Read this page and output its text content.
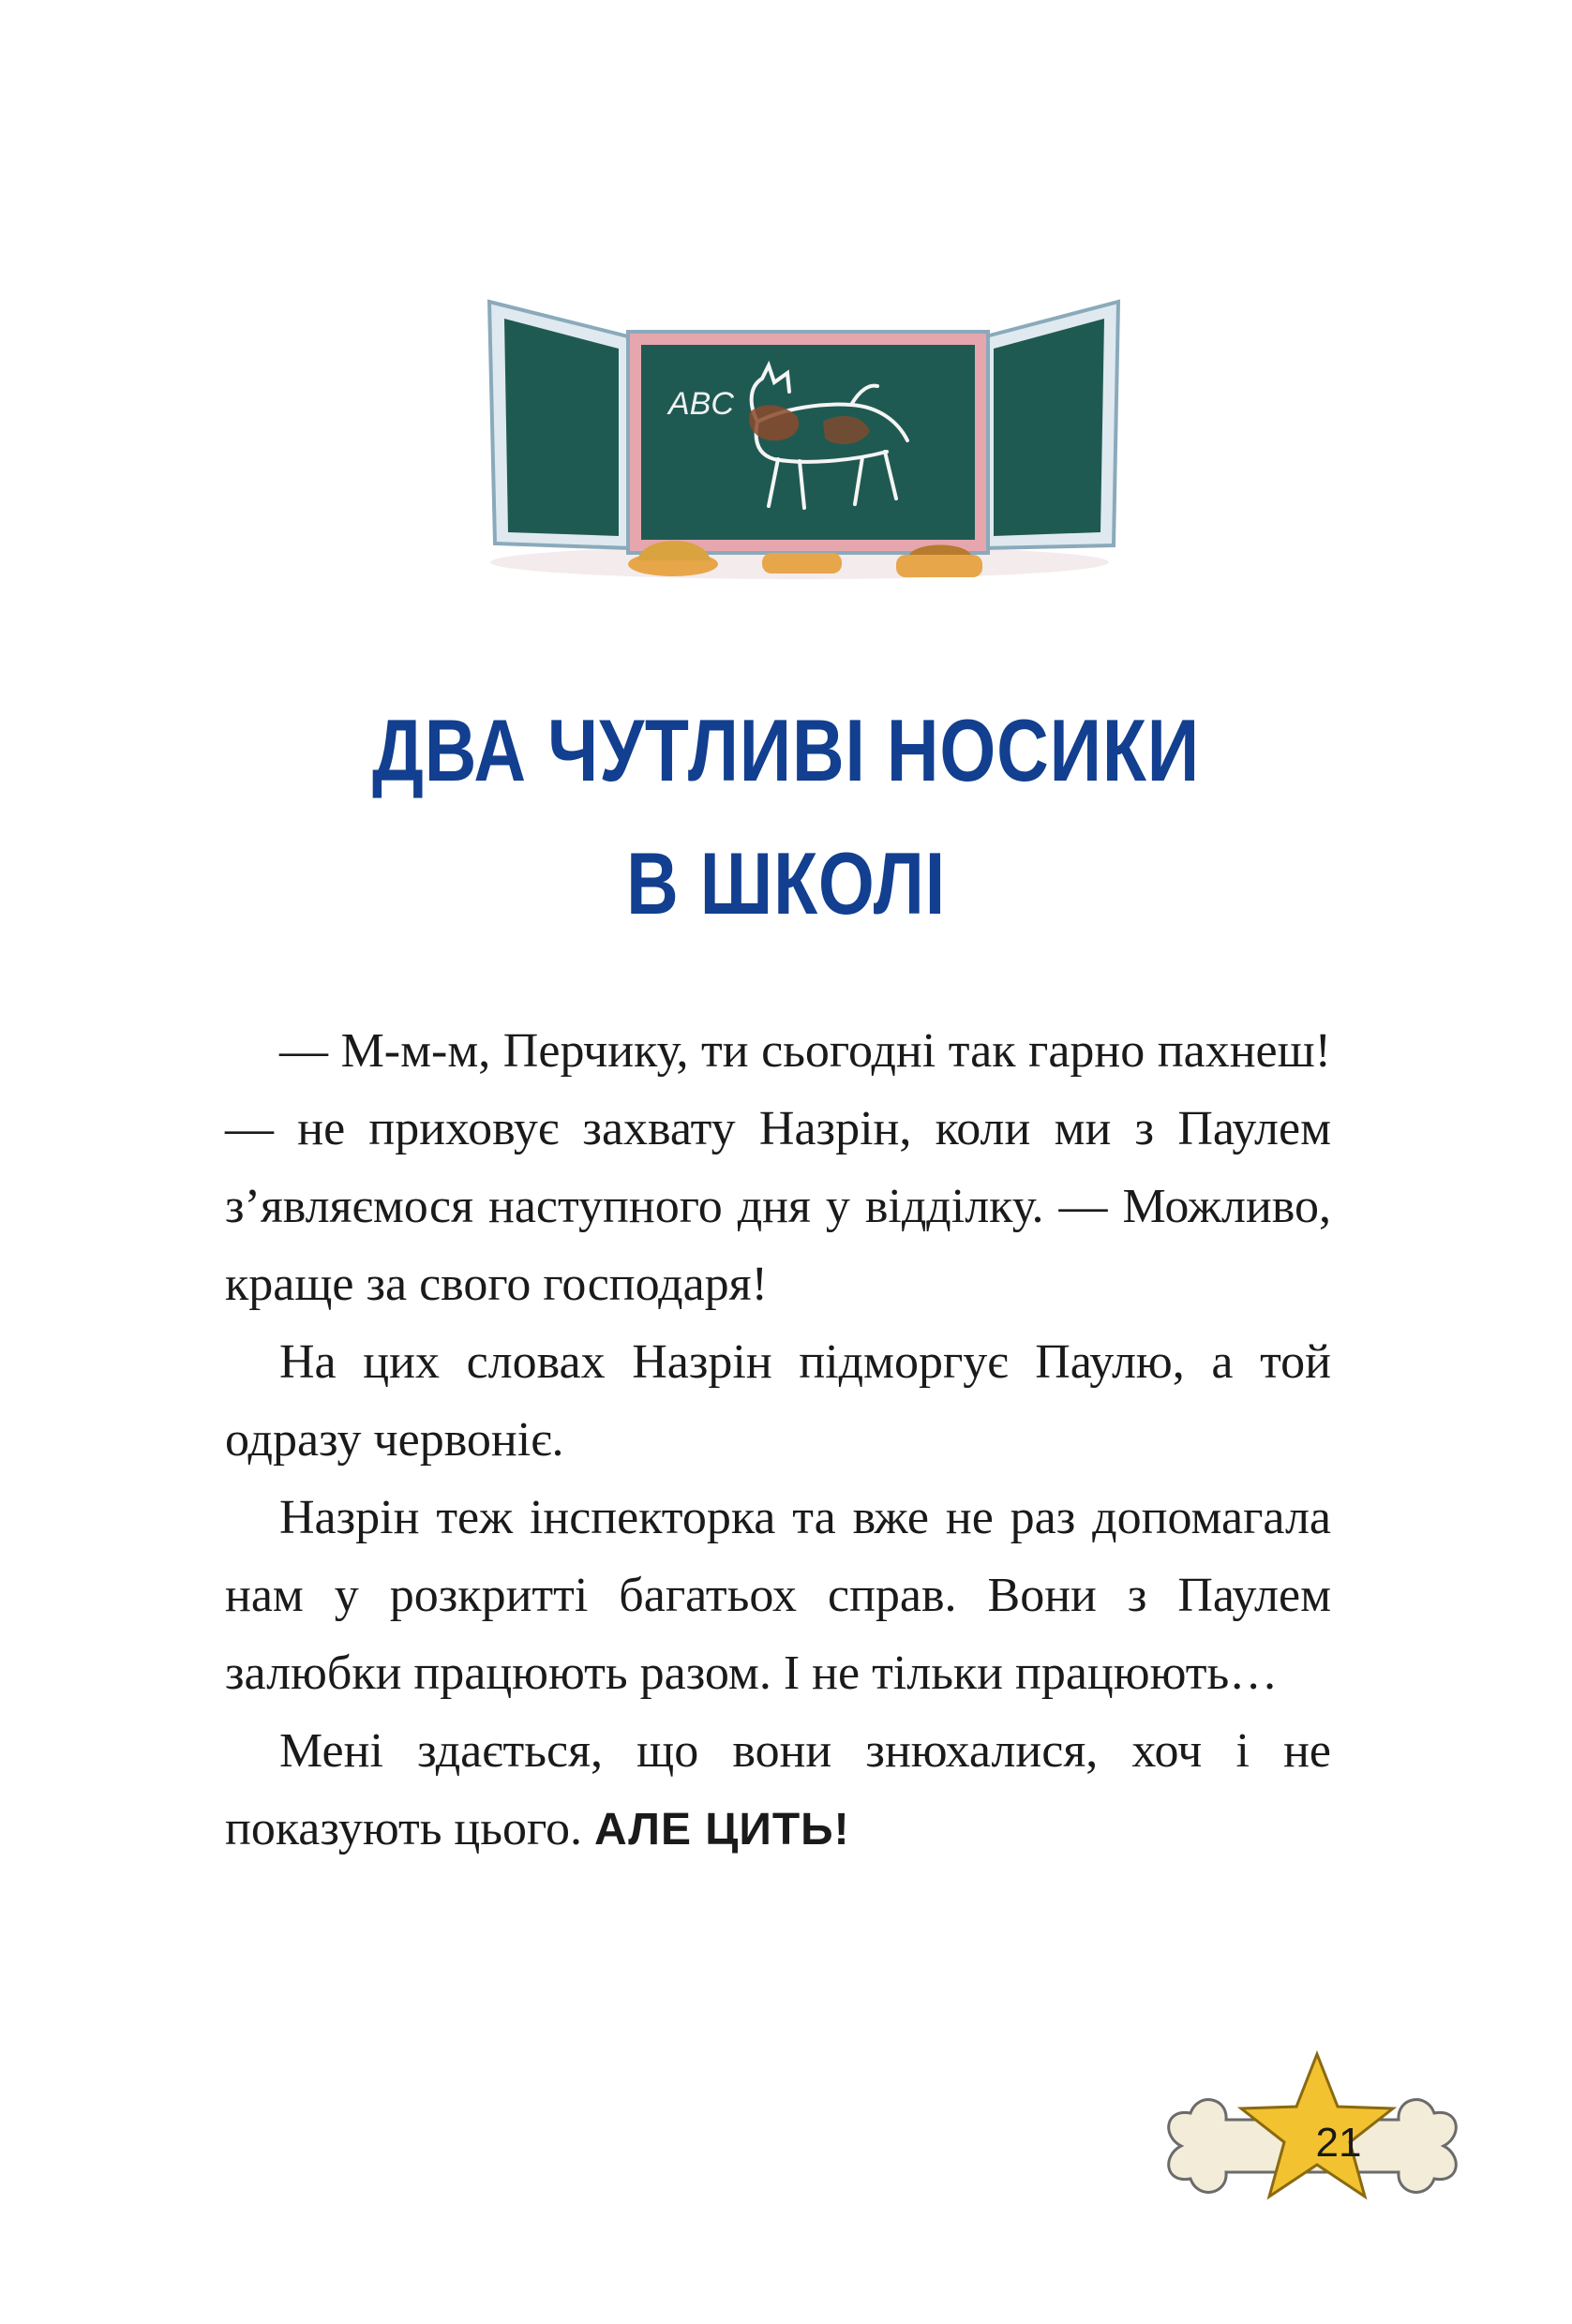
ABC
ДВА ЧУТЛИВІ НОСИКИ
В ШКОЛІ

— М-м-м, Перчику, ти сьогодні так гарно пахнеш! — не приховує захвату Назрін, коли ми з Паулем з’являємося наступного дня у відділку. — Можливо, краще за свого господаря!

На цих словах Назрін підморгує Паулю, а той одразу червоніє.

Назрін теж інспекторка та вже не раз допомагала нам у розкритті багатьох справ. Вони з Паулем залюбки працюють разом. І не тільки працюють…

Мені здається, що вони знюхалися, хоч і не показують цього. АЛЕ ЦИТЬ!

21
